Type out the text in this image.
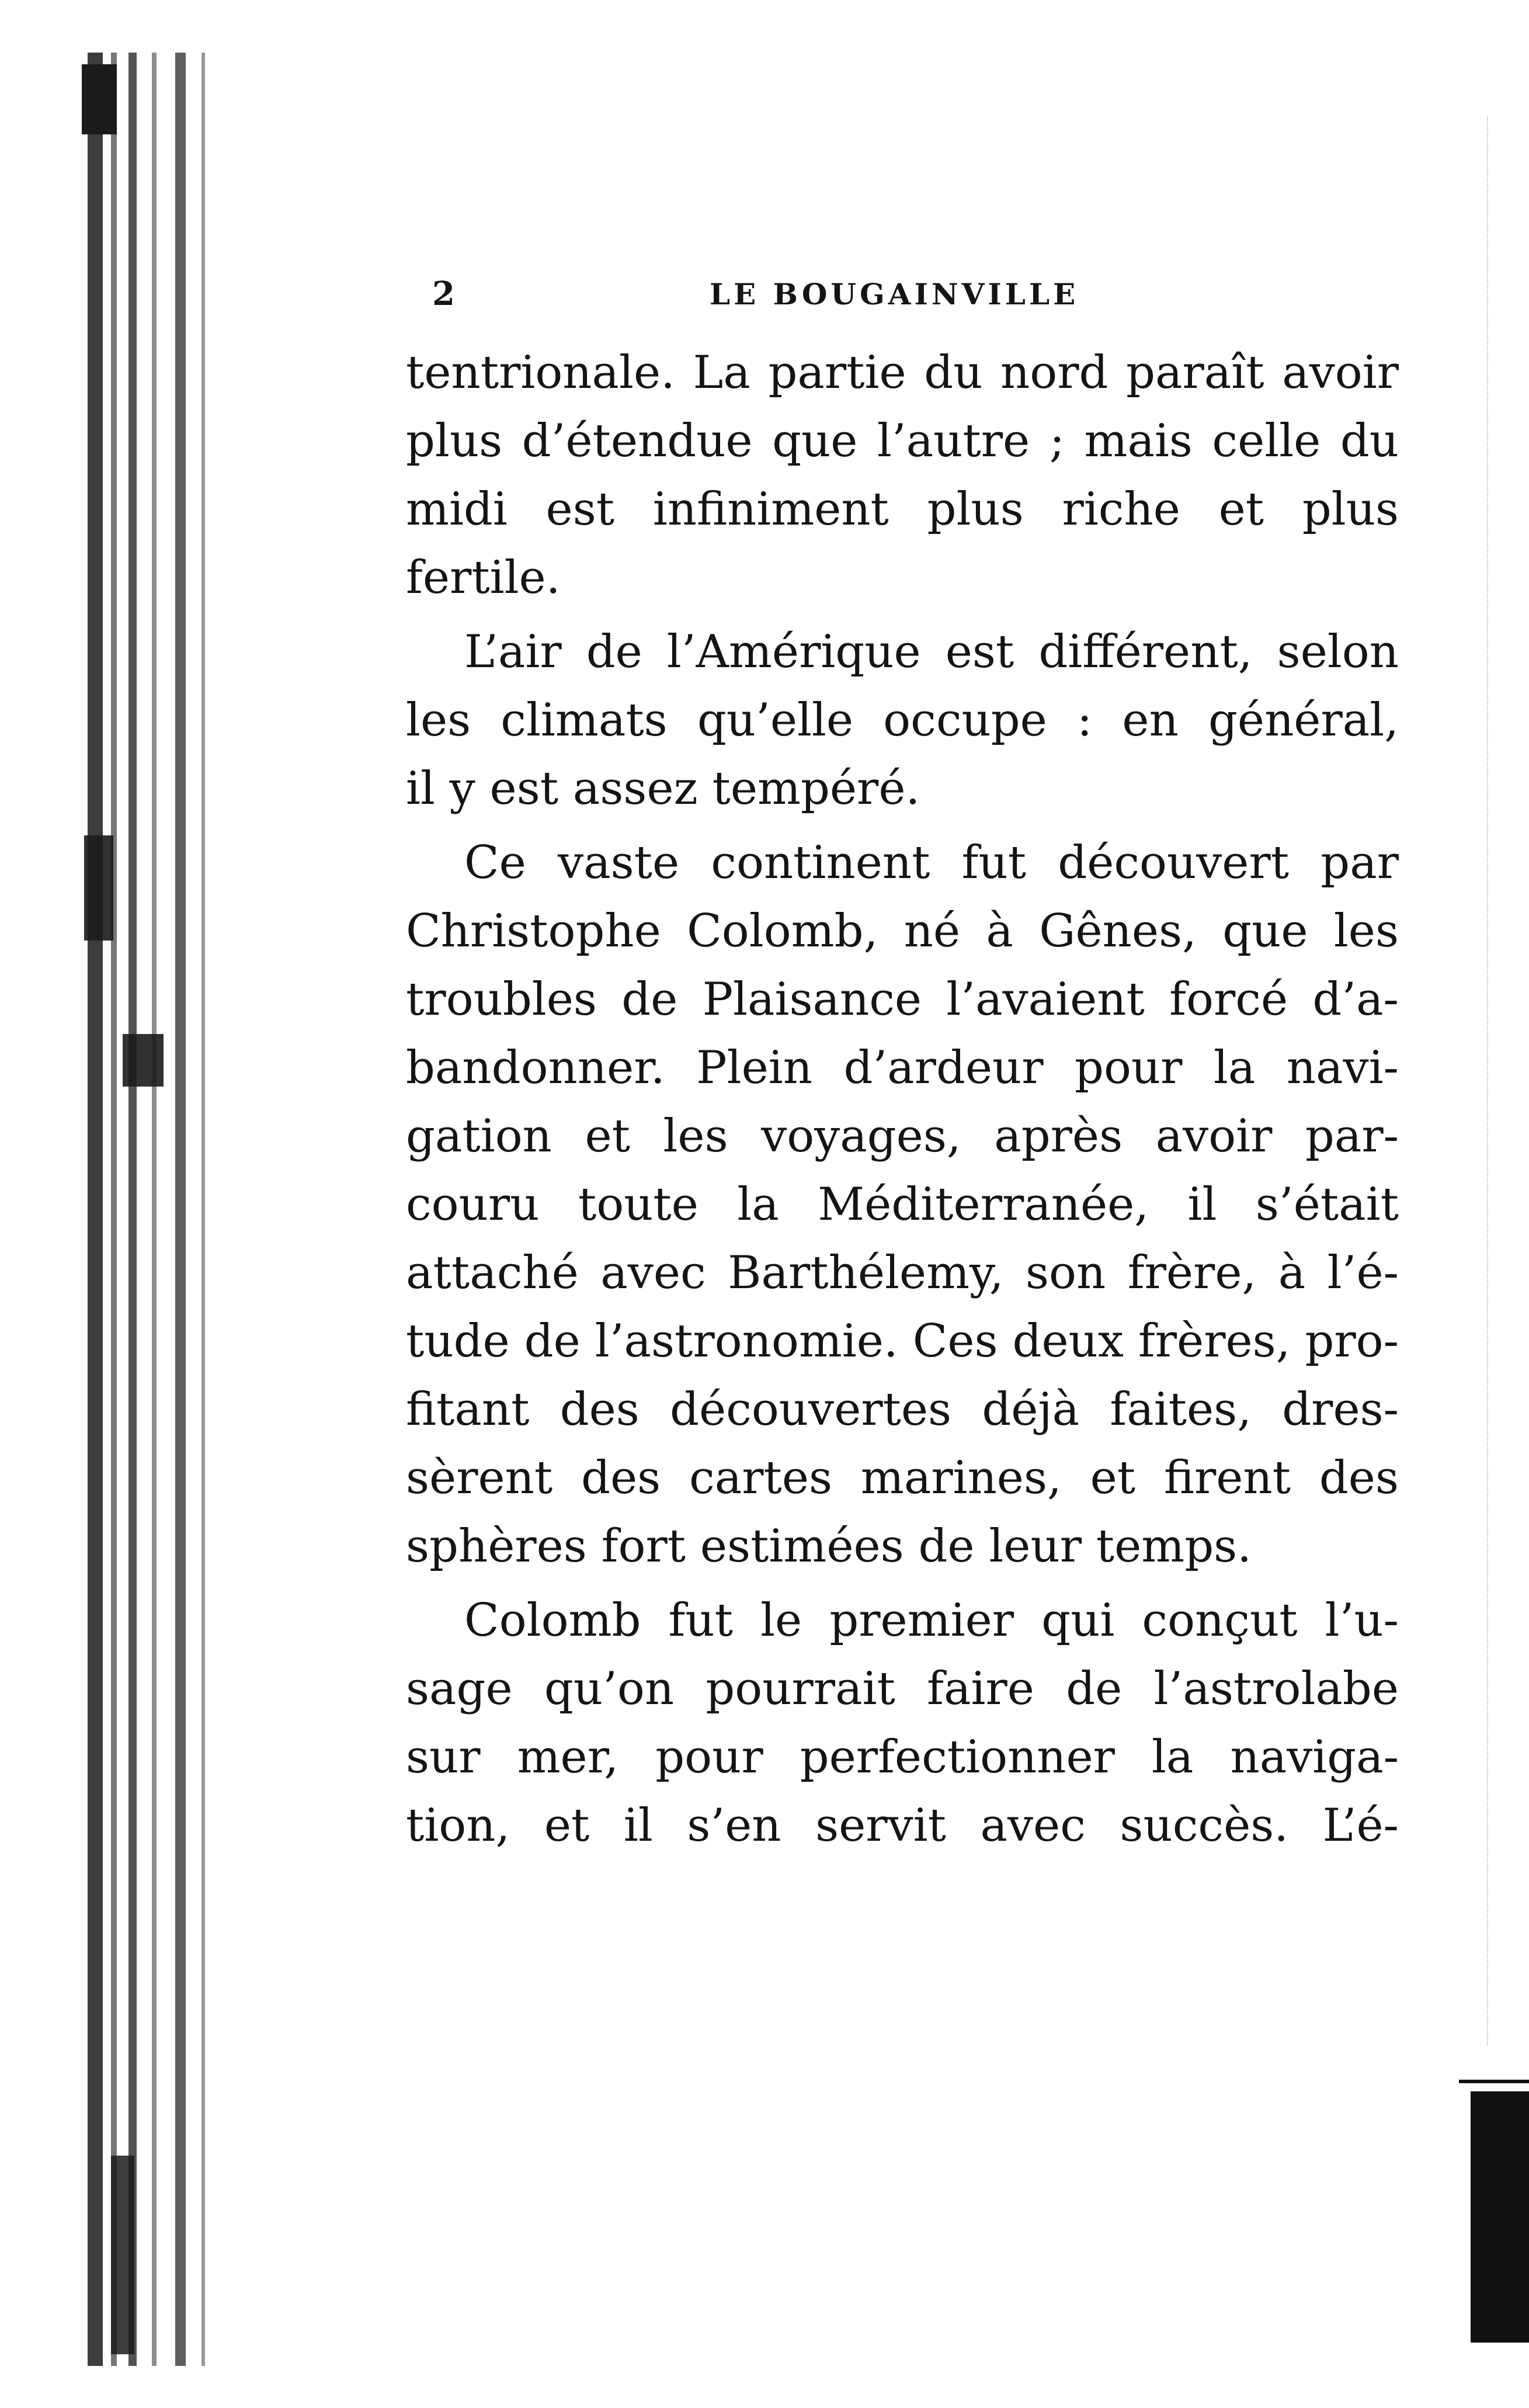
2	LE BOUGAINVILLE
tentrionale. La partie du nord paraît avoir
plus d’étendue que l’autre ; mais celle du
midi est infiniment plus riche et plus
fertile.
L’air de l’Amérique est différent, selon
les climats qu’elle occupe : en général,
il y est assez tempéré.
Ce vaste continent fut découvert par
Christophe Colomb, né à Gênes, que les
troubles de Plaisance l’avaient forcé d’a-
bandonner. Plein d’ardeur pour la navi-
gation et les voyages, après avoir par-
couru toute la Méditerranée, il s’était
attaché avec Barthélemy, son frère, à l’é-
tude de l’astronomie. Ces deux frères, pro-
fitant des découvertes déjà faites, dres-
sèrent des cartes marines, et firent des
sphères fort estimées de leur temps.
Colomb fut le premier qui conçut l’u-
sage qu’on pourrait faire de l’astrolabe
sur mer, pour perfectionner la naviga-
tion, et il s’en servit avec succès. L’é-
